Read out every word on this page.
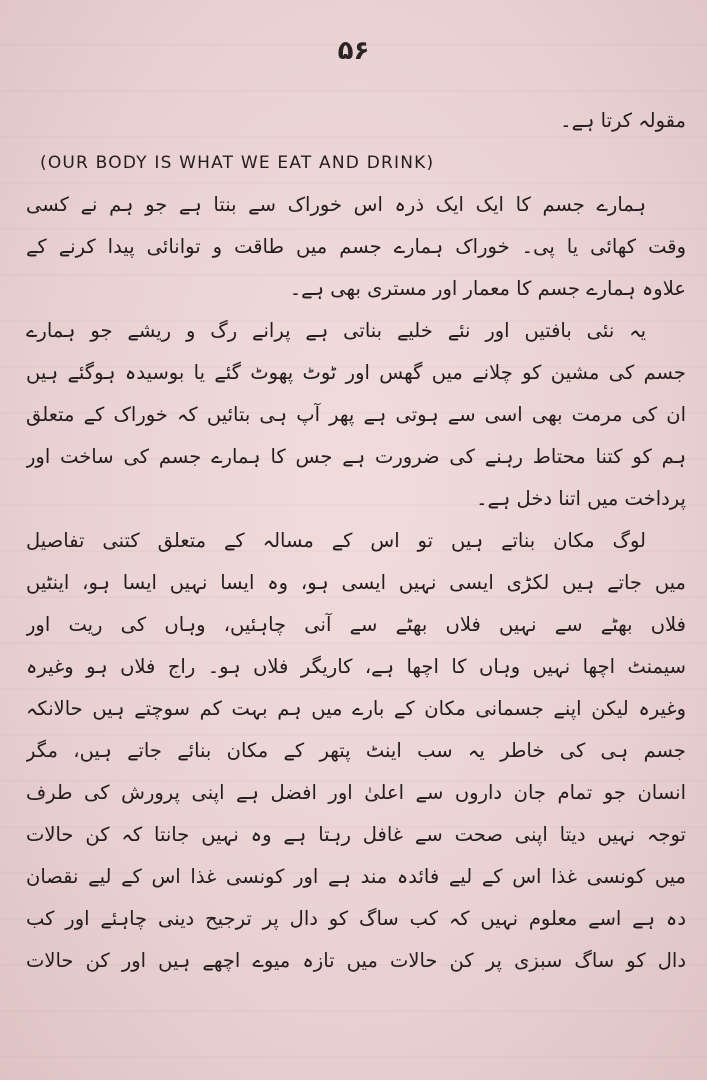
۵۶
مقولہ کرتا ہے۔
(OUR BODY IS WHAT WE EAT AND DRINK)
ہمارے جسم کا ایک ایک ذرہ اس خوراک سے بنتا ہے جو ہم نے کسی
وقت کھائی یا پی۔ خوراک ہمارے جسم میں طاقت و توانائی پیدا کرنے کے
علاوہ ہمارے جسم کا معمار اور مستری بھی ہے۔
یہ نئی بافتیں اور نئے خلیے بناتی ہے پرانے رگ و ریشے جو ہمارے
جسم کی مشین کو چلانے میں گھس اور ٹوٹ پھوٹ گئے یا بوسیدہ ہوگئے ہیں
ان کی مرمت بھی اسی سے ہوتی ہے پھر آپ ہی بتائیں کہ خوراک کے متعلق
ہم کو کتنا محتاط رہنے کی ضرورت ہے جس کا ہمارے جسم کی ساخت اور
پرداخت میں اتنا دخل ہے۔
لوگ مکان بناتے ہیں تو اس کے مسالہ کے متعلق کتنی تفاصیل
میں جاتے ہیں لکڑی ایسی نہیں ایسی ہو، وہ ایسا نہیں ایسا ہو، اینٹیں
فلاں بھٹے سے نہیں فلاں بھٹے سے آنی چاہئیں، وہاں کی ریت اور
سیمنٹ اچھا نہیں وہاں کا اچھا ہے، کاریگر فلاں ہو۔ راج فلاں ہو وغیرہ
وغیرہ لیکن اپنے جسمانی مکان کے بارے میں ہم بہت کم سوچتے ہیں حالانکہ
جسم ہی کی خاطر یہ سب اینٹ پتھر کے مکان بنائے جاتے ہیں، مگر
انسان جو تمام جان داروں سے اعلیٰ اور افضل ہے اپنی پرورش کی طرف
توجہ نہیں دیتا اپنی صحت سے غافل رہتا ہے وہ نہیں جانتا کہ کن حالات
میں کونسی غذا اس کے لیے فائدہ مند ہے اور کونسی غذا اس کے لیے نقصان
دہ ہے اسے معلوم نہیں کہ کب ساگ کو دال پر ترجیح دینی چاہئے اور کب
دال کو ساگ سبزی پر کن حالات میں تازہ میوے اچھے ہیں اور کن حالات
